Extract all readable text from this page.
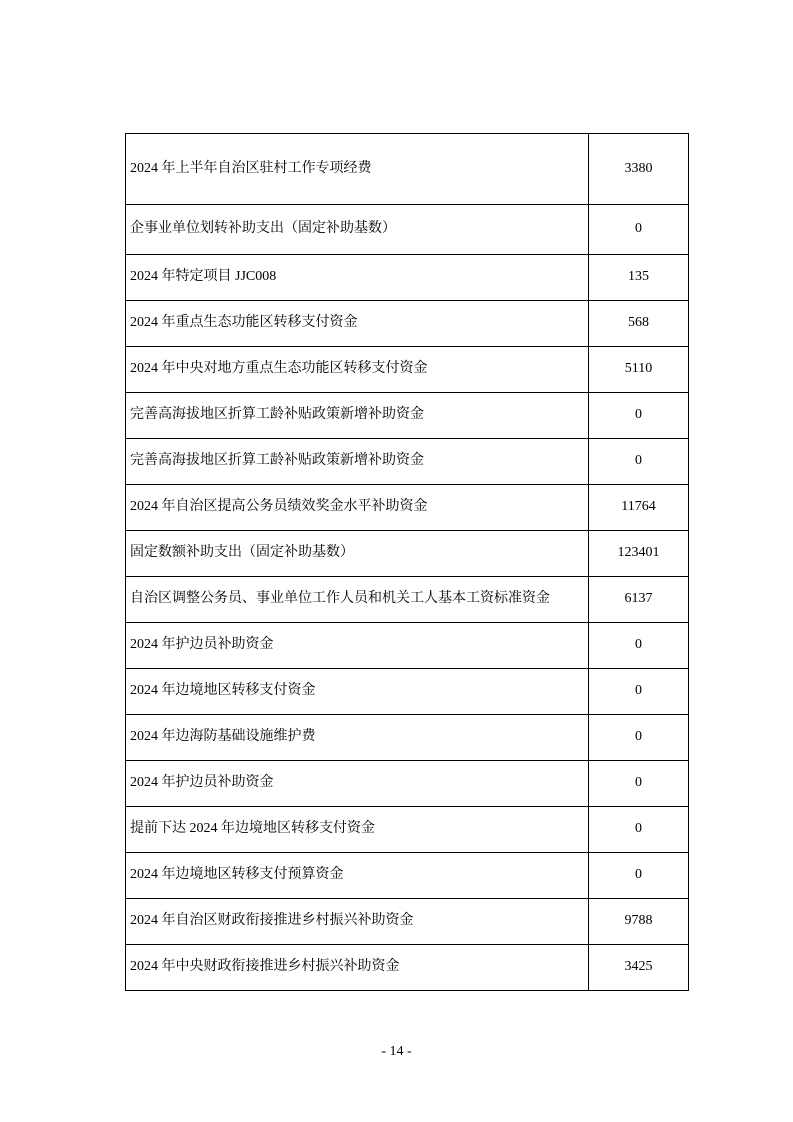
2024 年上半年自治区驻村工作专项经费	3380
企事业单位划转补助支出（固定补助基数）	0
2024 年特定项目 JJC008	135
2024 年重点生态功能区转移支付资金	568
2024 年中央对地方重点生态功能区转移支付资金	5110
完善高海拔地区折算工龄补贴政策新增补助资金	0
完善高海拔地区折算工龄补贴政策新增补助资金	0
2024 年自治区提高公务员绩效奖金水平补助资金	11764
固定数额补助支出（固定补助基数）	123401
自治区调整公务员、事业单位工作人员和机关工人基本工资标准资金	6137
2024 年护边员补助资金	0
2024 年边境地区转移支付资金	0
2024 年边海防基础设施维护费	0
2024 年护边员补助资金	0
提前下达 2024 年边境地区转移支付资金	0
2024 年边境地区转移支付预算资金	0
2024 年自治区财政衔接推进乡村振兴补助资金	9788
2024 年中央财政衔接推进乡村振兴补助资金	3425
- 14 -
